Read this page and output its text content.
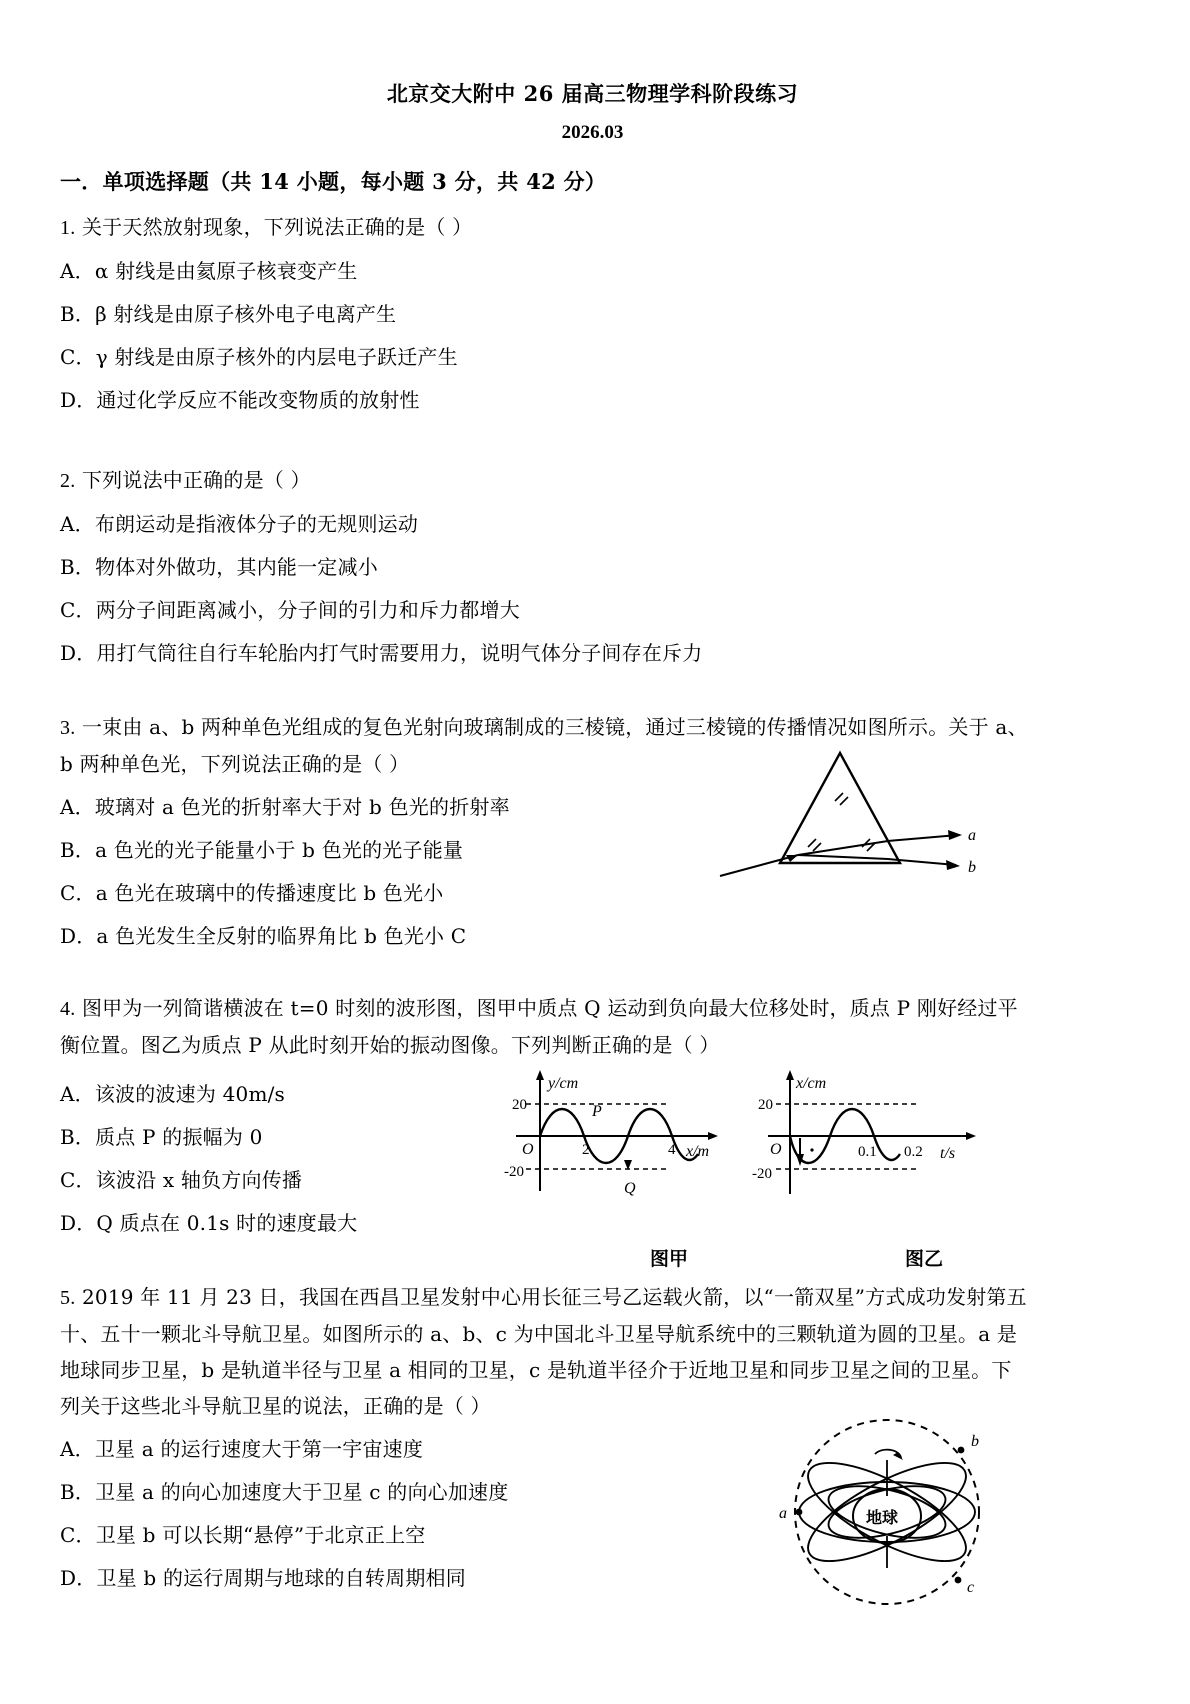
北京交大附中 26 届高三物理学科阶段练习
2026.03
一．单项选择题（共 14 小题，每小题 3 分，共 42 分）
1. 关于天然放射现象，下列说法正确的是（ ）
A．α 射线是由氦原子核衰变产生
B．β 射线是由原子核外电子电离产生
C．γ 射线是由原子核外的内层电子跃迁产生
D．通过化学反应不能改变物质的放射性
2. 下列说法中正确的是（ ）
A．布朗运动是指液体分子的无规则运动
B．物体对外做功，其内能一定减小
C．两分子间距离减小，分子间的引力和斥力都增大
D．用打气筒往自行车轮胎内打气时需要用力，说明气体分子间存在斥力
3. 一束由 a、b 两种单色光组成的复色光射向玻璃制成的三棱镜，通过三棱镜的传播情况如图所示。关于 a、
b 两种单色光，下列说法正确的是（ ）
A．玻璃对 a 色光的折射率大于对 b 色光的折射率
B．a 色光的光子能量小于 b 色光的光子能量
C．a 色光在玻璃中的传播速度比 b 色光小
D．a 色光发生全反射的临界角比 b 色光小 C
a
b
4. 图甲为一列简谐横波在 t=0 时刻的波形图，图甲中质点 Q 运动到负向最大位移处时，质点 P 刚好经过平
衡位置。图乙为质点 P 从此时刻开始的振动图像。下列判断正确的是（ ）
A．该波的波速为 40m/s
B．质点 P 的振幅为 0
C．该波沿 x 轴负方向传播
D．Q 质点在 0.1s 时的速度最大
y/cm
20
-20
O	2	4 x/m
P
Q
x/cm
20
-20
O	0.1 0.2 t/s
图甲	图乙
5. 2019 年 11 月 23 日，我国在西昌卫星发射中心用长征三号乙运载火箭，以“一箭双星”方式成功发射第五
十、五十一颗北斗导航卫星。如图所示的 a、b、c 为中国北斗卫星导航系统中的三颗轨道为圆的卫星。a 是
地球同步卫星，b 是轨道半径与卫星 a 相同的卫星，c 是轨道半径介于近地卫星和同步卫星之间的卫星。下
列关于这些北斗导航卫星的说法，正确的是（ ）
A．卫星 a 的运行速度大于第一宇宙速度
B．卫星 a 的向心加速度大于卫星 c 的向心加速度
C．卫星 b 可以长期“悬停”于北京正上空
D．卫星 b 的运行周期与地球的自转周期相同
地球
a
b
c
